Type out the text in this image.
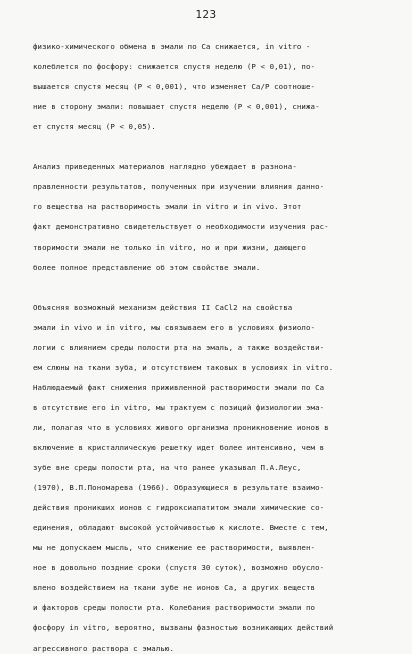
123
физико-химического обмена в эмали по Ca снижается, in vitro -
колеблется по фосфору: снижается спустя неделю (P < 0,01), по-
вышается спустя месяц (P < 0,001), что изменяет Ca/P соотноше-
ние в сторону эмали: повышает спустя неделю (P < 0,001), снижа-
ет спустя месяц (P < 0,05).
Анализ приведенных материалов наглядно убеждает в разнона-
правленности результатов, полученных при изучении влияния данно-
го вещества на растворимость эмали in vitro и in vivo. Этот
факт демонстративно свидетельствует о необходимости изучения рас-
творимости эмали не только in vitro, но и при жизни, дающего
более полное представление об этом свойстве эмали.
Объясняя возможный механизм действия II CaCl2 на свойства
эмали in vivo и in vitro, мы связываем его в условиях физиоло-
логии с влиянием среды полости рта на эмаль, а также воздействи-
ем слюны на ткани зуба, и отсутствием таковых в условиях in vitro.
Наблюдаемый факт снижения приживленной растворимости эмали по Ca
в отсутствие его in vitro, мы трактуем с позиций физиологии эма-
ли, полагая что в условиях живого организма проникновение ионов в
включение в кристаллическую решетку идет более интенсивно, чем в
зубе вне среды полости рта, на что ранее указывал П.А.Леус,
(1970), В.П.Пономарева (1966). Образующиеся в результате взаимо-
действия проникших ионов с гидроксиапатитом эмали химические со-
единения, обладают высокой устойчивостью к кислоте. Вместе с тем,
мы не допускаем мысль, что снижение ее растворимости, выявлен-
ное в довольно поздние сроки (спустя 30 суток), возможно обусло-
влено воздействием на ткани зубе не ионов Ca, а других веществ
и факторов среды полости рта. Колебания растворимости эмали по
фосфору in vitro, вероятно, вызваны фазностью возникающих действий
агрессивного раствора с эмалью.
